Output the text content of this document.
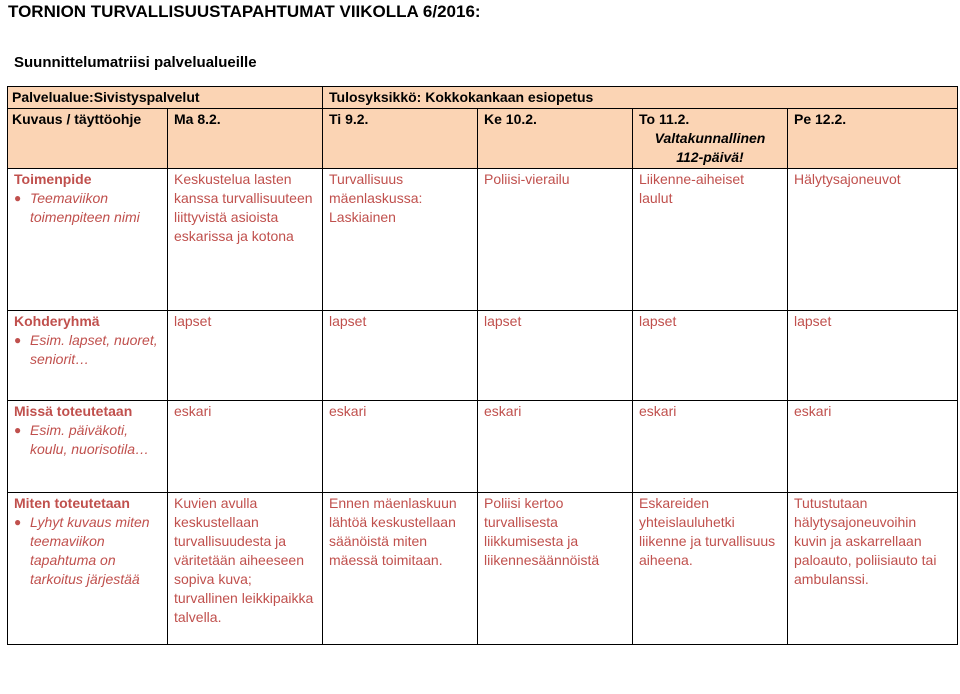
TORNION TURVALLISUUSTAPAHTUMAT VIIKOLLA 6/2016:
Suunnittelumatriisi palvelualueille
Palvelualue:Sivistyspalvelut		Tulosyksikkö: Kokkokankaan esiopetus			
Kuvaus / täyttöohje	Ma 8.2.	Ti 9.2.	Ke 10.2.	To 11.2.
Valtakunnallinen
112-päivä!	Pe 12.2.

Toimenpide
● Teemaviikon toimenpiteen nimi	Keskustelua lasten kanssa turvallisuuteen liittyvistä asioista eskarissa ja kotona	Turvallisuus mäenlaskussa: Laskiainen	Poliisi-vierailu	Liikenne-aiheiset laulut	Hälytysajoneuvot

Kohderyhmä
● Esim. lapset, nuoret, seniorit…	lapset	lapset	lapset	lapset	lapset

Missä toteutetaan
● Esim. päiväkoti, koulu, nuorisotila…	eskari	eskari	eskari	eskari	eskari

Miten toteutetaan
● Lyhyt kuvaus miten teemaviikon tapahtuma on tarkoitus järjestää	Kuvien avulla keskustellaan turvallisuudesta ja väritetään aiheeseen sopiva kuva; turvallinen leikkipaikka talvella.	Ennen mäenlaskuun lähtöä keskustellaan säänöistä miten mäessä toimitaan.	Poliisi kertoo turvallisesta liikkumisesta ja liikennesäännöistä	Eskareiden yhteislauluhetki liikenne ja turvallisuus aiheena.	Tutustutaan hälytysajoneuvoihin kuvin ja askarrellaan paloauto, poliisiauto tai ambulanssi.
